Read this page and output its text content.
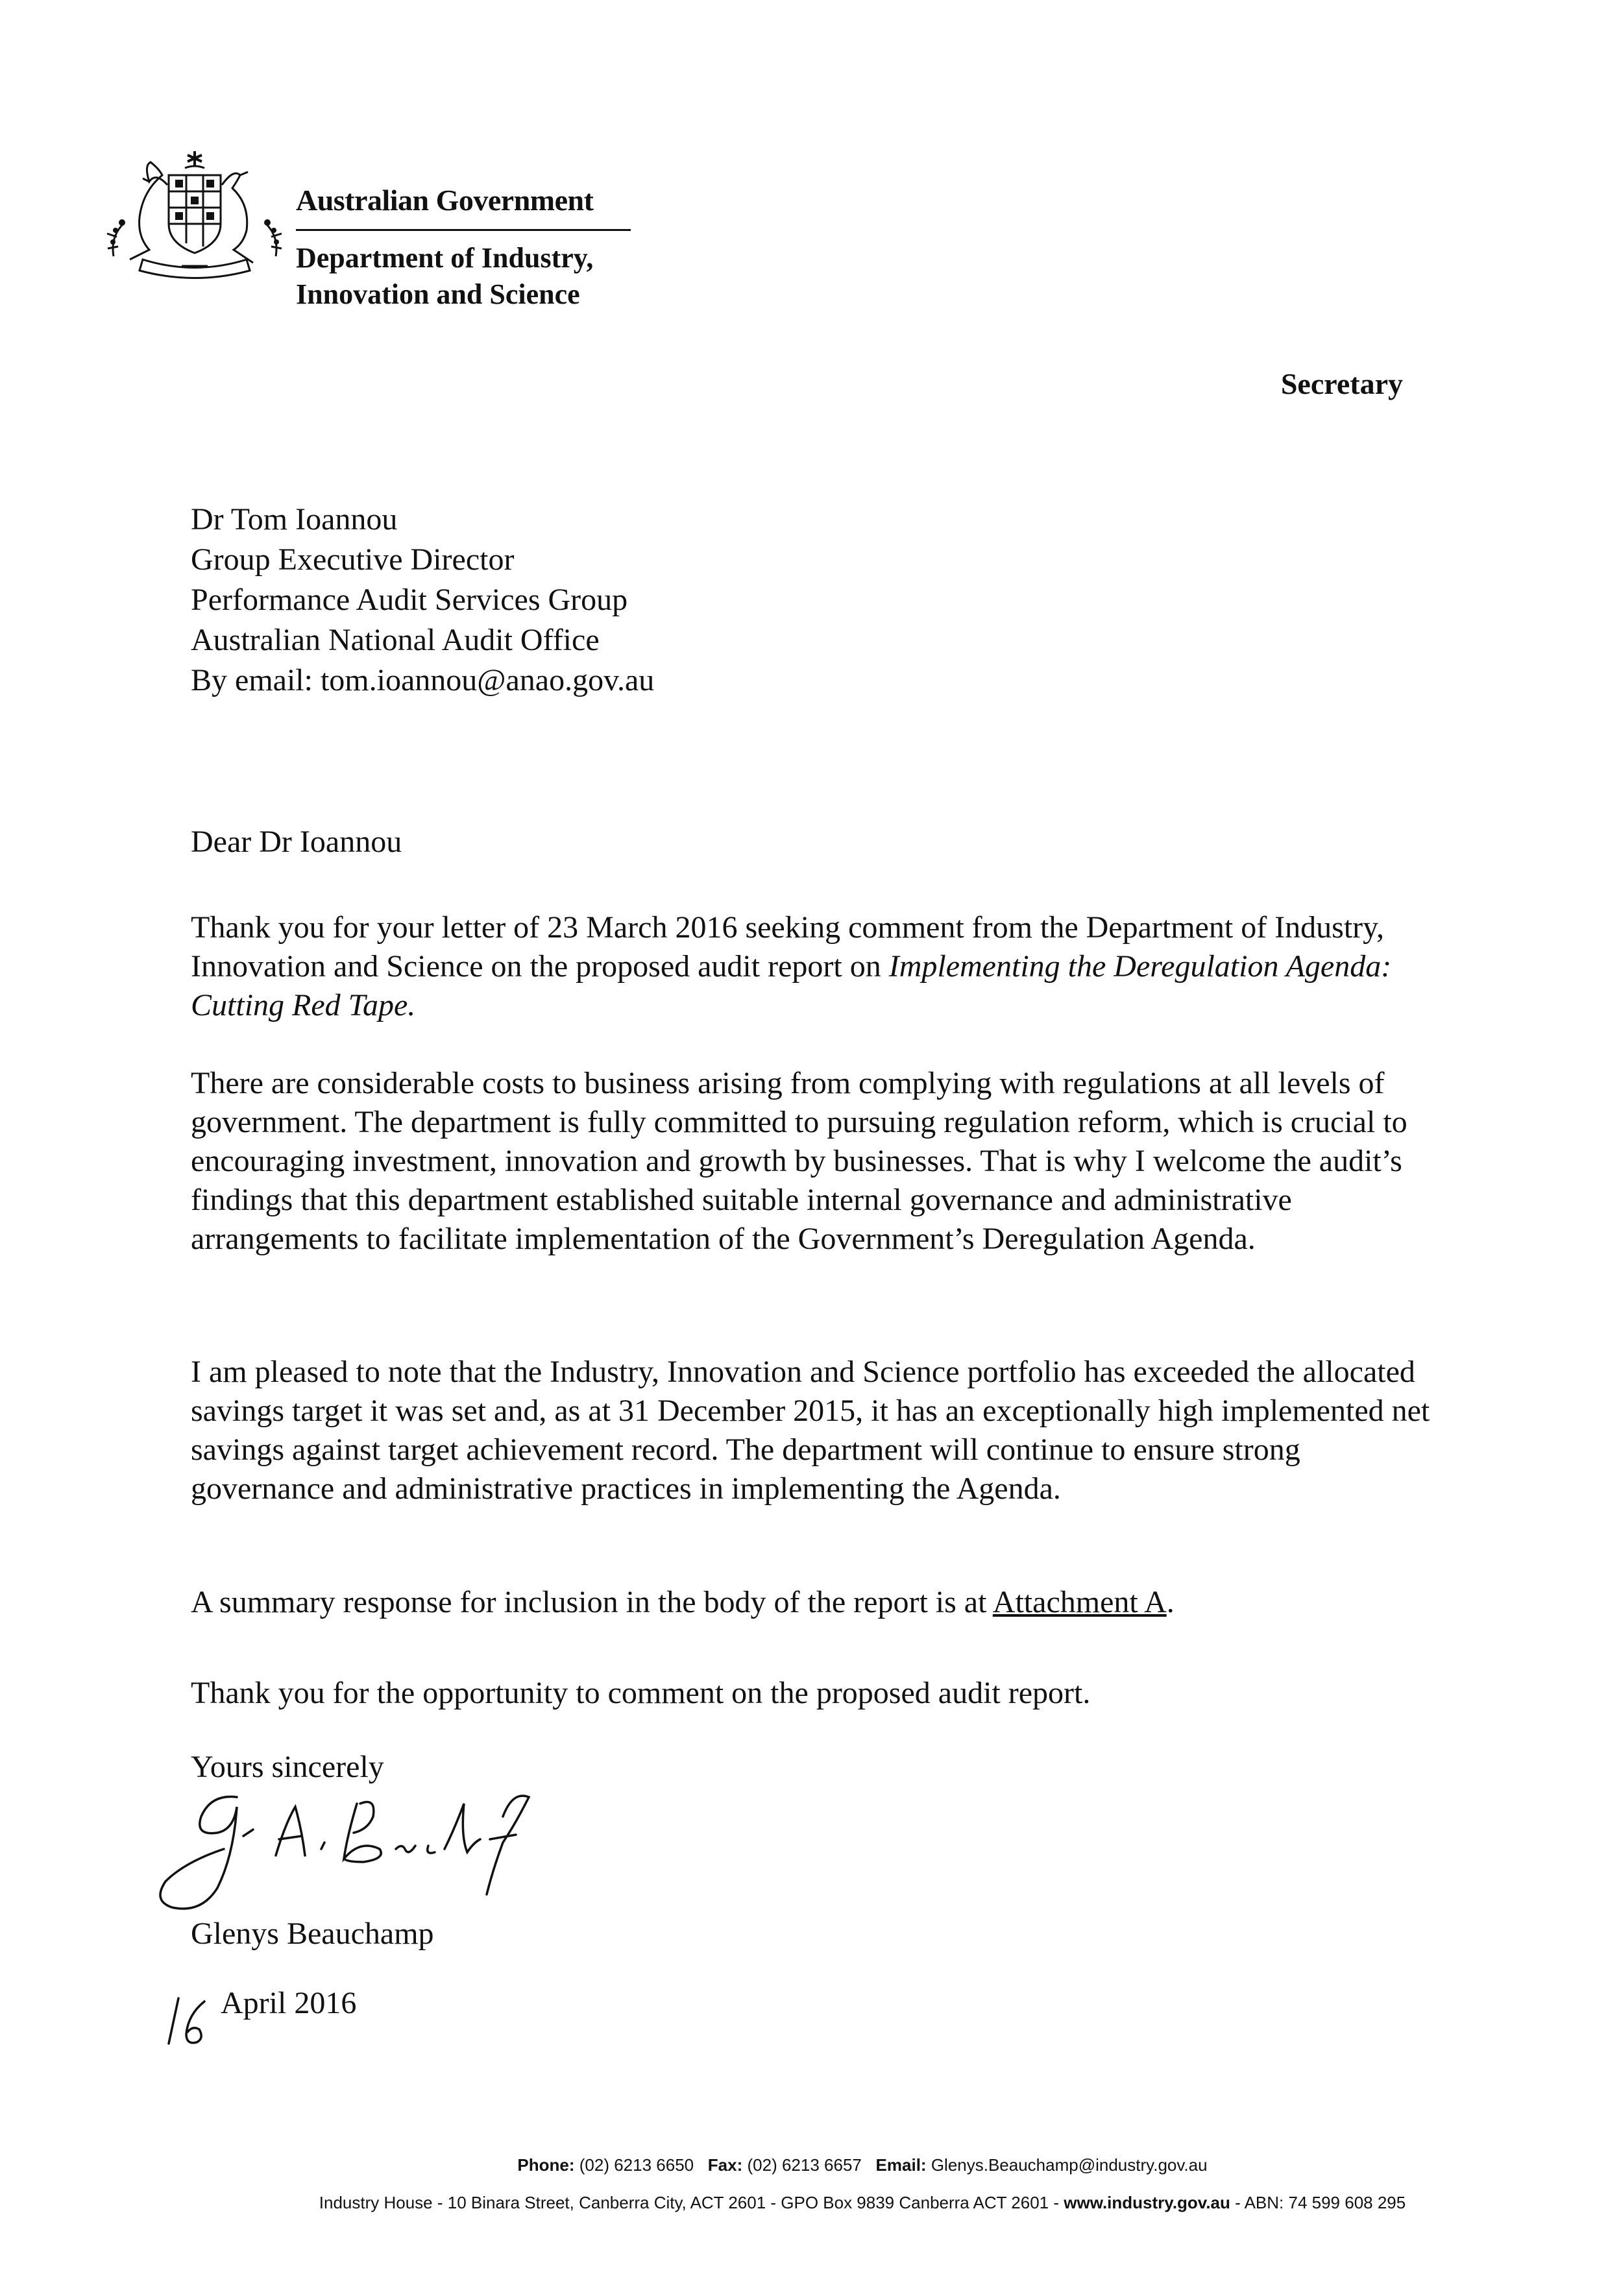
Australian Government
Department of Industry,
Innovation and Science
Secretary
Dr Tom Ioannou
Group Executive Director
Performance Audit Services Group
Australian National Audit Office
By email: tom.ioannou@anao.gov.au
Dear Dr Ioannou
Thank you for your letter of 23 March 2016 seeking comment from the Department of Industry, Innovation and Science on the proposed audit report on Implementing the Deregulation Agenda: Cutting Red Tape.
There are considerable costs to business arising from complying with regulations at all levels of government. The department is fully committed to pursuing regulation reform, which is crucial to encouraging investment, innovation and growth by businesses. That is why I welcome the audit’s findings that this department established suitable internal governance and administrative arrangements to facilitate implementation of the Government’s Deregulation Agenda.
I am pleased to note that the Industry, Innovation and Science portfolio has exceeded the allocated savings target it was set and, as at 31 December 2015, it has an exceptionally high implemented net savings against target achievement record. The department will continue to ensure strong governance and administrative practices in implementing the Agenda.
A summary response for inclusion in the body of the report is at Attachment A.
Thank you for the opportunity to comment on the proposed audit report.
Yours sincerely
Glenys Beauchamp
April 2016
Phone: (02) 6213 6650 Fax: (02) 6213 6657 Email: Glenys.Beauchamp@industry.gov.au
Industry House - 10 Binara Street, Canberra City, ACT 2601 - GPO Box 9839 Canberra ACT 2601 - www.industry.gov.au - ABN: 74 599 608 295
